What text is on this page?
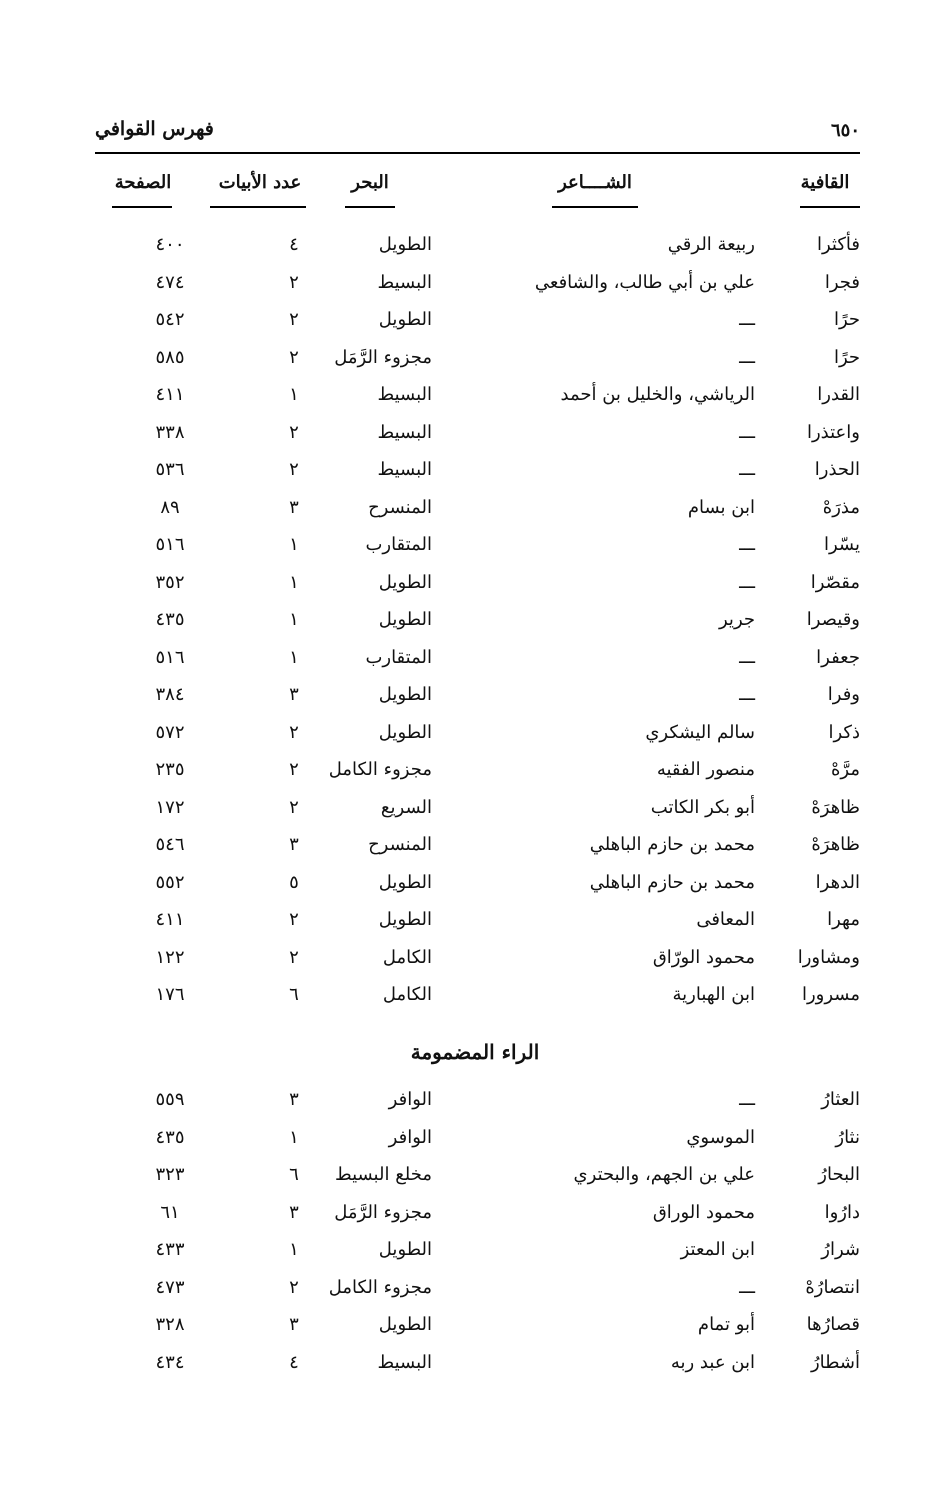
فهرس القوافي	٦٥٠
القافية
الشــــاعر
البحر
عدد الأبيات
الصفحة
فأكثرا
ربيعة الرقي
الطويل
٤
٤٠٠
فجرا
علي بن أبي طالب، والشافعي
البسيط
٢
٤٧٤
حرًا
ـــ
الطويل
٢
٥٤٢
حرًا
ـــ
مجزوء الرَّمَل
٢
٥٨٥
القدرا
الرياشي، والخليل بن أحمد
البسيط
١
٤١١
واعتذرا
ـــ
البسيط
٢
٣٣٨
الحذرا
ـــ
البسيط
٢
٥٣٦
مذرَهْ
ابن بسام
المنسرح
٣
٨٩
يسّرا
ـــ
المتقارب
١
٥١٦
مقصّرا
ـــ
الطويل
١
٣٥٢
وقيصرا
جرير
الطويل
١
٤٣٥
جعفرا
ـــ
المتقارب
١
٥١٦
وفرا
ـــ
الطويل
٣
٣٨٤
ذكرا
سالم اليشكري
الطويل
٢
٥٧٢
مرَّهْ
منصور الفقيه
مجزوء الكامل
٢
٢٣٥
ظاهرَهْ
أبو بكر الكاتب
السريع
٢
١٧٢
ظاهرَهْ
محمد بن حازم الباهلي
المنسرح
٣
٥٤٦
الدهرا
محمد بن حازم الباهلي
الطويل
٥
٥٥٢
مهرا
المعافى
الطويل
٢
٤١١
ومشاورا
محمود الورّاق
الكامل
٢
١٢٢
مسرورا
ابن الهبارية
الكامل
٦
١٧٦
الراء المضمومة
العثارُ
ـــ
الوافر
٣
٥٥٩
نثارُ
الموسوي
الوافر
١
٤٣٥
البحارُ
علي بن الجهم، والبحتري
مخلع البسيط
٦
٣٢٣
دارُوا
محمود الوراق
مجزوء الرَّمَل
٣
٦١
شرارُ
ابن المعتز
الطويل
١
٤٣٣
انتصارُهْ
ـــ
مجزوء الكامل
٢
٤٧٣
قصارُها
أبو تمام
الطويل
٣
٣٢٨
أشطارُ
ابن عبد ربه
البسيط
٤
٤٣٤
